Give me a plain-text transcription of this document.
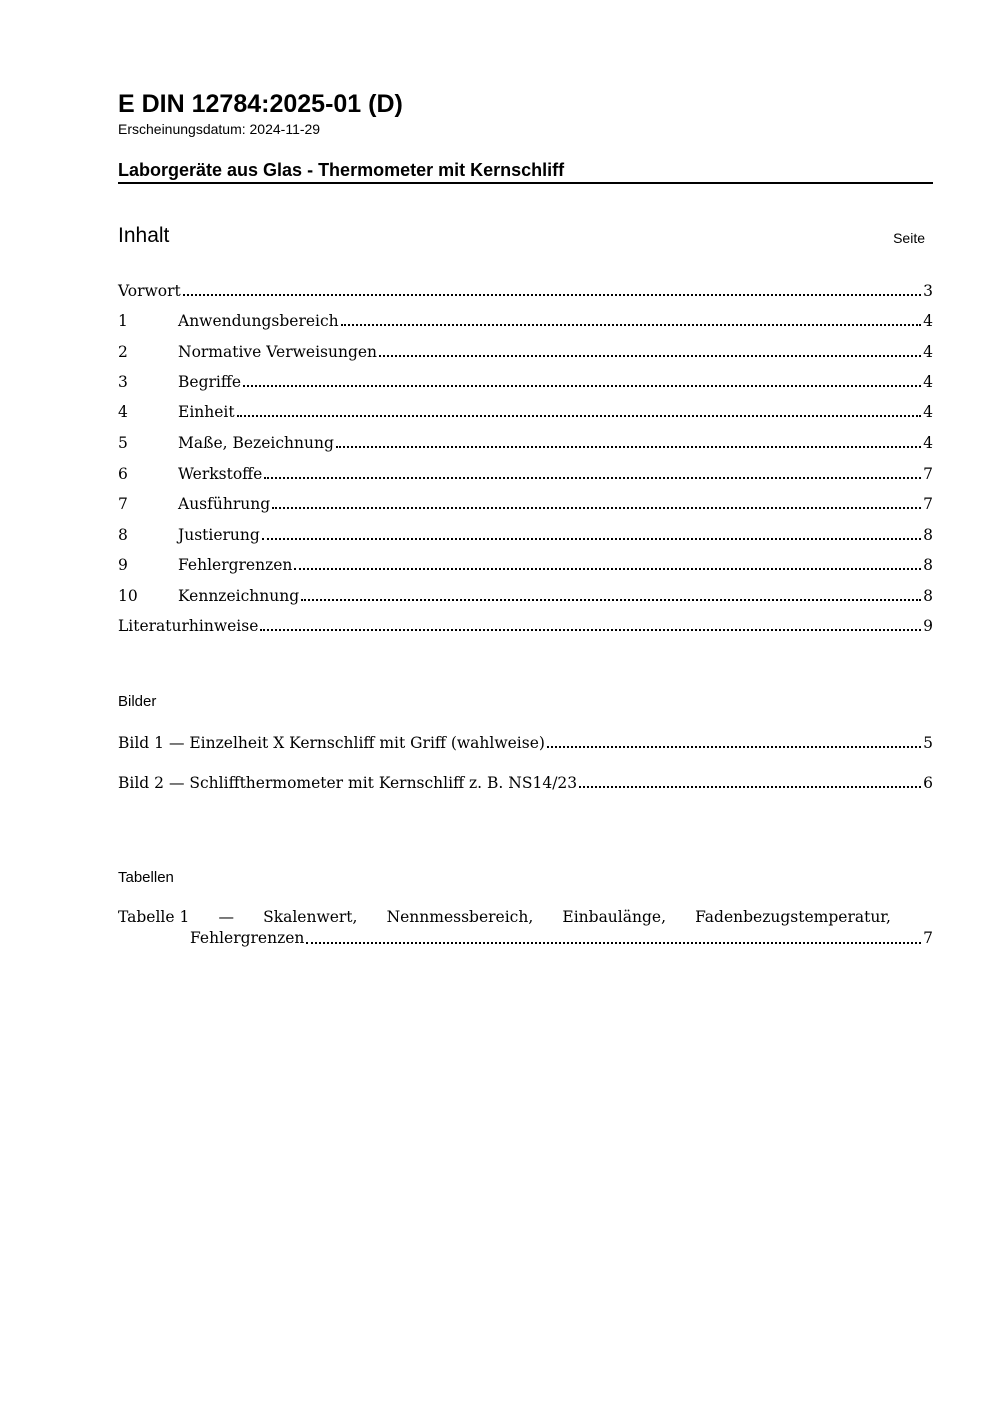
E DIN 12784:2025-01 (D)
Erscheinungsdatum: 2024-11-29
Laborgeräte aus Glas - Thermometer mit Kernschliff
Inhalt	Seite
Vorwort	3
1	Anwendungsbereich	4
2	Normative Verweisungen	4
3	Begriffe	4
4	Einheit	4
5	Maße, Bezeichnung	4
6	Werkstoffe	7
7	Ausführung	7
8	Justierung	8
9	Fehlergrenzen	8
10	Kennzeichnung	8
Literaturhinweise	9
Bilder
Bild 1 — Einzelheit X Kernschliff mit Griff (wahlweise)	5
Bild 2 — Schliffthermometer mit Kernschliff z. B. NS14/23	6
Tabellen
Tabelle 1 — Skalenwert, Nennmessbereich, Einbaulänge, Fadenbezugstemperatur,
Fehlergrenzen	7
